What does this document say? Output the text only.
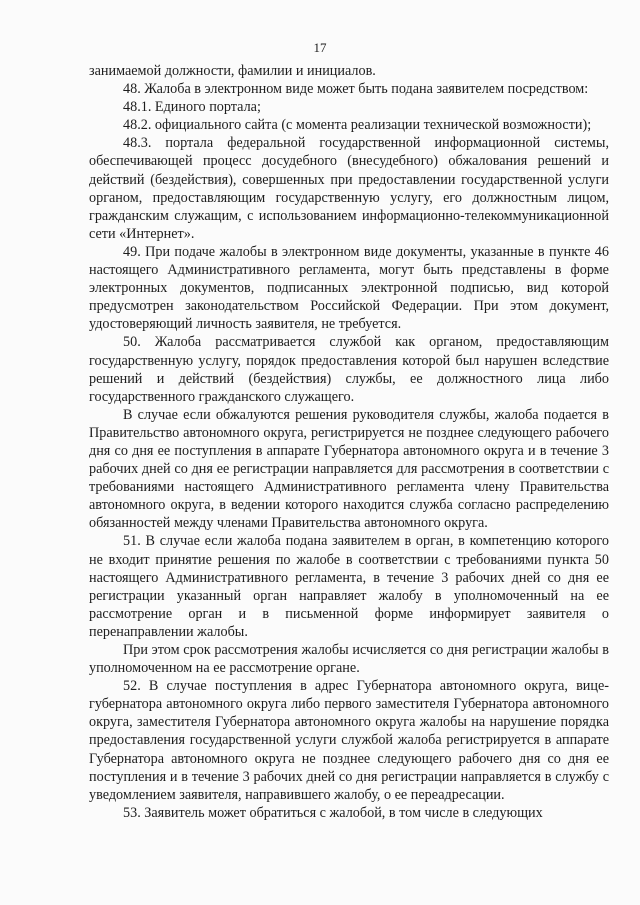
17

занимаемой должности, фамилии и инициалов.

48. Жалоба в электронном виде может быть подана заявителем посредством:

48.1. Единого портала;

48.2. официального сайта (с момента реализации технической возможности);

48.3. портала федеральной государственной информационной системы, обеспечивающей процесс досудебного (внесудебного) обжалования решений и действий (бездействия), совершенных при предоставлении государственной услуги органом, предоставляющим государственную услугу, его должностным лицом, гражданским служащим, с использованием информационно-телекоммуникационной сети «Интернет».

49. При подаче жалобы в электронном виде документы, указанные в пункте 46 настоящего Административного регламента, могут быть представлены в форме электронных документов, подписанных электронной подписью, вид которой предусмотрен законодательством Российской Федерации. При этом документ, удостоверяющий личность заявителя, не требуется.

50. Жалоба рассматривается службой как органом, предоставляющим государственную услугу, порядок предоставления которой был нарушен вследствие решений и действий (бездействия) службы, ее должностного лица либо государственного гражданского служащего.

В случае если обжалуются решения руководителя службы, жалоба подается в Правительство автономного округа, регистрируется не позднее следующего рабочего дня со дня ее поступления в аппарате Губернатора автономного округа и в течение 3 рабочих дней со дня ее регистрации направляется для рассмотрения в соответствии с требованиями настоящего Административного регламента члену Правительства автономного округа, в ведении которого находится служба согласно распределению обязанностей между членами Правительства автономного округа.

51. В случае если жалоба подана заявителем в орган, в компетенцию которого не входит принятие решения по жалобе в соответствии с требованиями пункта 50 настоящего Административного регламента, в течение 3 рабочих дней со дня ее регистрации указанный орган направляет жалобу в уполномоченный на ее рассмотрение орган и в письменной форме информирует заявителя о перенаправлении жалобы.

При этом срок рассмотрения жалобы исчисляется со дня регистрации жалобы в уполномоченном на ее рассмотрение органе.

52. В случае поступления в адрес Губернатора автономного округа, вице-губернатора автономного округа либо первого заместителя Губернатора автономного округа, заместителя Губернатора автономного округа жалобы на нарушение порядка предоставления государственной услуги службой жалоба регистрируется в аппарате Губернатора автономного округа не позднее следующего рабочего дня со дня ее поступления и в течение 3 рабочих дней со дня регистрации направляется в службу с уведомлением заявителя, направившего жалобу, о ее переадресации.

53. Заявитель может обратиться с жалобой, в том числе в следующих
